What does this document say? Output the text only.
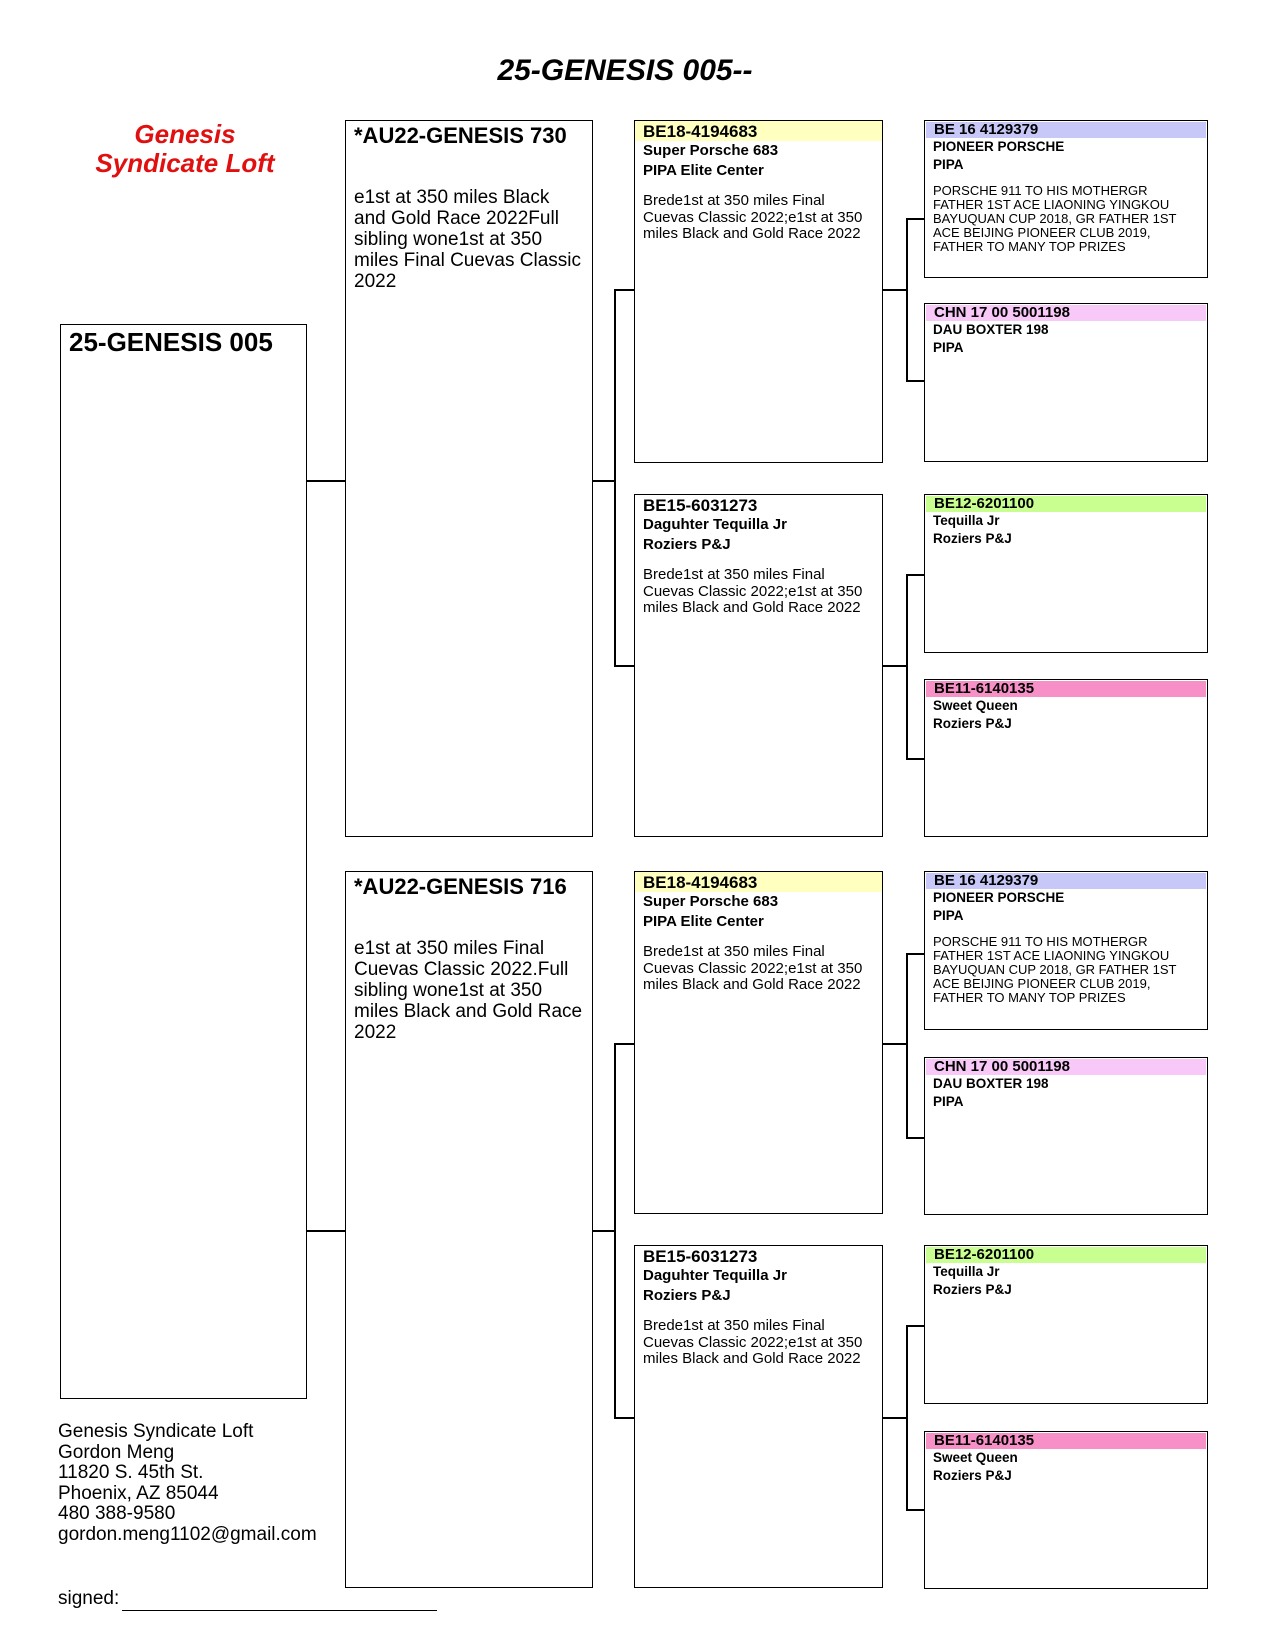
25-GENESIS 005--
Genesis
Syndicate Loft
25-GENESIS 005
*AU22-GENESIS 730
e1st at 350 miles Black and Gold Race 2022Full sibling wone1st at 350 miles Final Cuevas Classic 2022
*AU22-GENESIS 716
e1st at 350 miles Final Cuevas Classic 2022.Full sibling wone1st at 350 miles Black and Gold Race 2022
BE18-4194683
Super Porsche 683
PIPA Elite Center
Brede1st at 350 miles Final Cuevas Classic 2022;e1st at 350 miles Black and Gold Race 2022
BE15-6031273
Daguhter Tequilla Jr
Roziers P&J
Brede1st at 350 miles Final Cuevas Classic 2022;e1st at 350 miles Black and Gold Race 2022
BE18-4194683
Super Porsche 683
PIPA Elite Center
Brede1st at 350 miles Final Cuevas Classic 2022;e1st at 350 miles Black and Gold Race 2022
BE15-6031273
Daguhter Tequilla Jr
Roziers P&J
Brede1st at 350 miles Final Cuevas Classic 2022;e1st at 350 miles Black and Gold Race 2022
BE 16 4129379
PIONEER PORSCHE
PIPA
PORSCHE 911 TO HIS MOTHERGR FATHER 1ST ACE LIAONING YINGKOU BAYUQUAN CUP 2018, GR FATHER 1ST ACE BEIJING PIONEER CLUB 2019, FATHER TO MANY TOP PRIZES
CHN 17 00 5001198
DAU BOXTER 198
PIPA
BE12-6201100
Tequilla Jr
Roziers P&J
BE11-6140135
Sweet Queen
Roziers P&J
BE 16 4129379
PIONEER PORSCHE
PIPA
PORSCHE 911 TO HIS MOTHERGR FATHER 1ST ACE LIAONING YINGKOU BAYUQUAN CUP 2018, GR FATHER 1ST ACE BEIJING PIONEER CLUB 2019, FATHER TO MANY TOP PRIZES
CHN 17 00 5001198
DAU BOXTER 198
PIPA
BE12-6201100
Tequilla Jr
Roziers P&J
BE11-6140135
Sweet Queen
Roziers P&J
Genesis Syndicate Loft
Gordon Meng
11820 S. 45th St.
Phoenix, AZ 85044
480 388-9580
gordon.meng1102@gmail.com
signed:
